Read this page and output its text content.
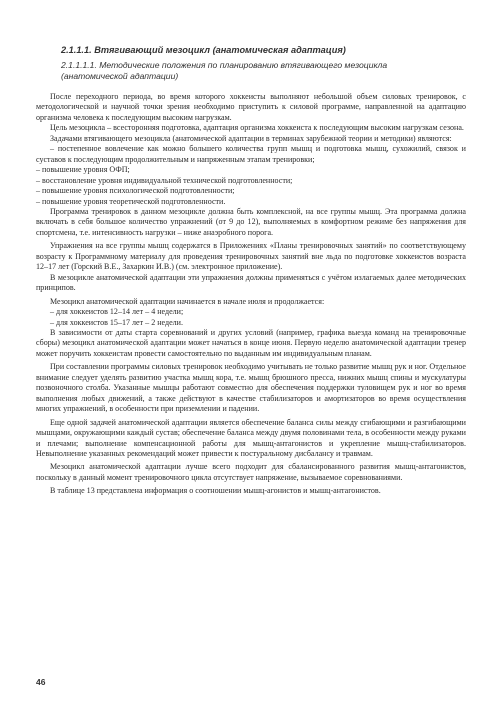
2.1.1.1. Втягивающий мезоцикл (анатомическая адаптация)
2.1.1.1.1. Методические положения по планированию втягивающего мезоцикла (анатомической адаптации)

После переходного периода, во время которого хоккеисты выполняют небольшой объем силовых тренировок, с методологической и научной точки зрения необходимо приступить к силовой программе, направленной на адаптацию организма человека к последующим высоким нагрузкам.

Цель мезоцикла – всесторонняя подготовка, адаптация организма хоккеиста к последующим высоким нагрузкам сезона.

Задачами втягивающего мезоцикла (анатомической адаптации в терминах зарубежной теории и методики) являются:

– постепенное вовлечение как можно большего количества групп мышц и подготовка мышц, сухожилий, связок и суставов к последующим продолжительным и напряженным этапам тренировки;

– повышение уровня ОФП;

– восстановление уровня индивидуальной технической подготовленности;

– повышение уровня психологической подготовленности;

– повышение уровня теоретической подготовленности.

Программа тренировок в данном мезоцикле должна быть комплексной, на все группы мышц. Эта программа должна включать в себя большое количество упражнений (от 9 до 12), выполняемых в комфортном режиме без напряжения для спортсмена, т.е. интенсивность нагрузки – ниже анаэробного порога.

Упражнения на все группы мышц содержатся в Приложениях «Планы тренировочных занятий» по соответствующему возрасту к Программному материалу для проведения тренировочных занятий вне льда по подготовке хоккеистов возраста 12–17 лет (Горский В.Е., Захаркин И.В.) (см. электронное приложение).

В мезоцикле анатомической адаптации эти упражнения должны применяться с учётом излагаемых далее методических принципов.

Мезоцикл анатомической адаптации начинается в начале июля и продолжается:

– для хоккеистов 12–14 лет – 4 недели;

– для хоккеистов 15–17 лет – 2 недели.

В зависимости от даты старта соревнований и других условий (например, графика выезда команд на тренировочные сборы) мезоцикл анатомической адаптации может начаться в конце июня. Первую неделю анатомической адаптации тренер может поручить хоккеистам провести самостоятельно по выданным им индивидуальным планам.

При составлении программы силовых тренировок необходимо учитывать не только развитие мышц рук и ног. Отдельное внимание следует уделять развитию участка мышц кора, т.е. мышц брюшного пресса, нижних мышц спины и мускулатуры позвоночного столба. Указанные мышцы работают совместно для обеспечения поддержки туловищем рук и ног во время выполнения любых движений, а также действуют в качестве стабилизаторов и амортизаторов во время осуществления многих упражнений, в особенности при приземлении и падении.

Еще одной задачей анатомической адаптации является обеспечение баланса силы между сгибающими и разгибающими мышцами, окружающими каждый сустав; обеспечение баланса между двумя половинами тела, в особенности между руками и плечами; выполнение компенсационной работы для мышц-антагонистов и укрепление мышц-стабилизаторов. Невыполнение указанных рекомендаций может привести к постуральному дисбалансу и травмам.

Мезоцикл анатомической адаптации лучше всего подходит для сбалансированного развития мышц-антагонистов, поскольку в данный момент тренировочного цикла отсутствует напряжение, вызываемое соревнованиями.

В таблице 13 представлена информация о соотношении мышц-агонистов и мышц-антагонистов.

46
